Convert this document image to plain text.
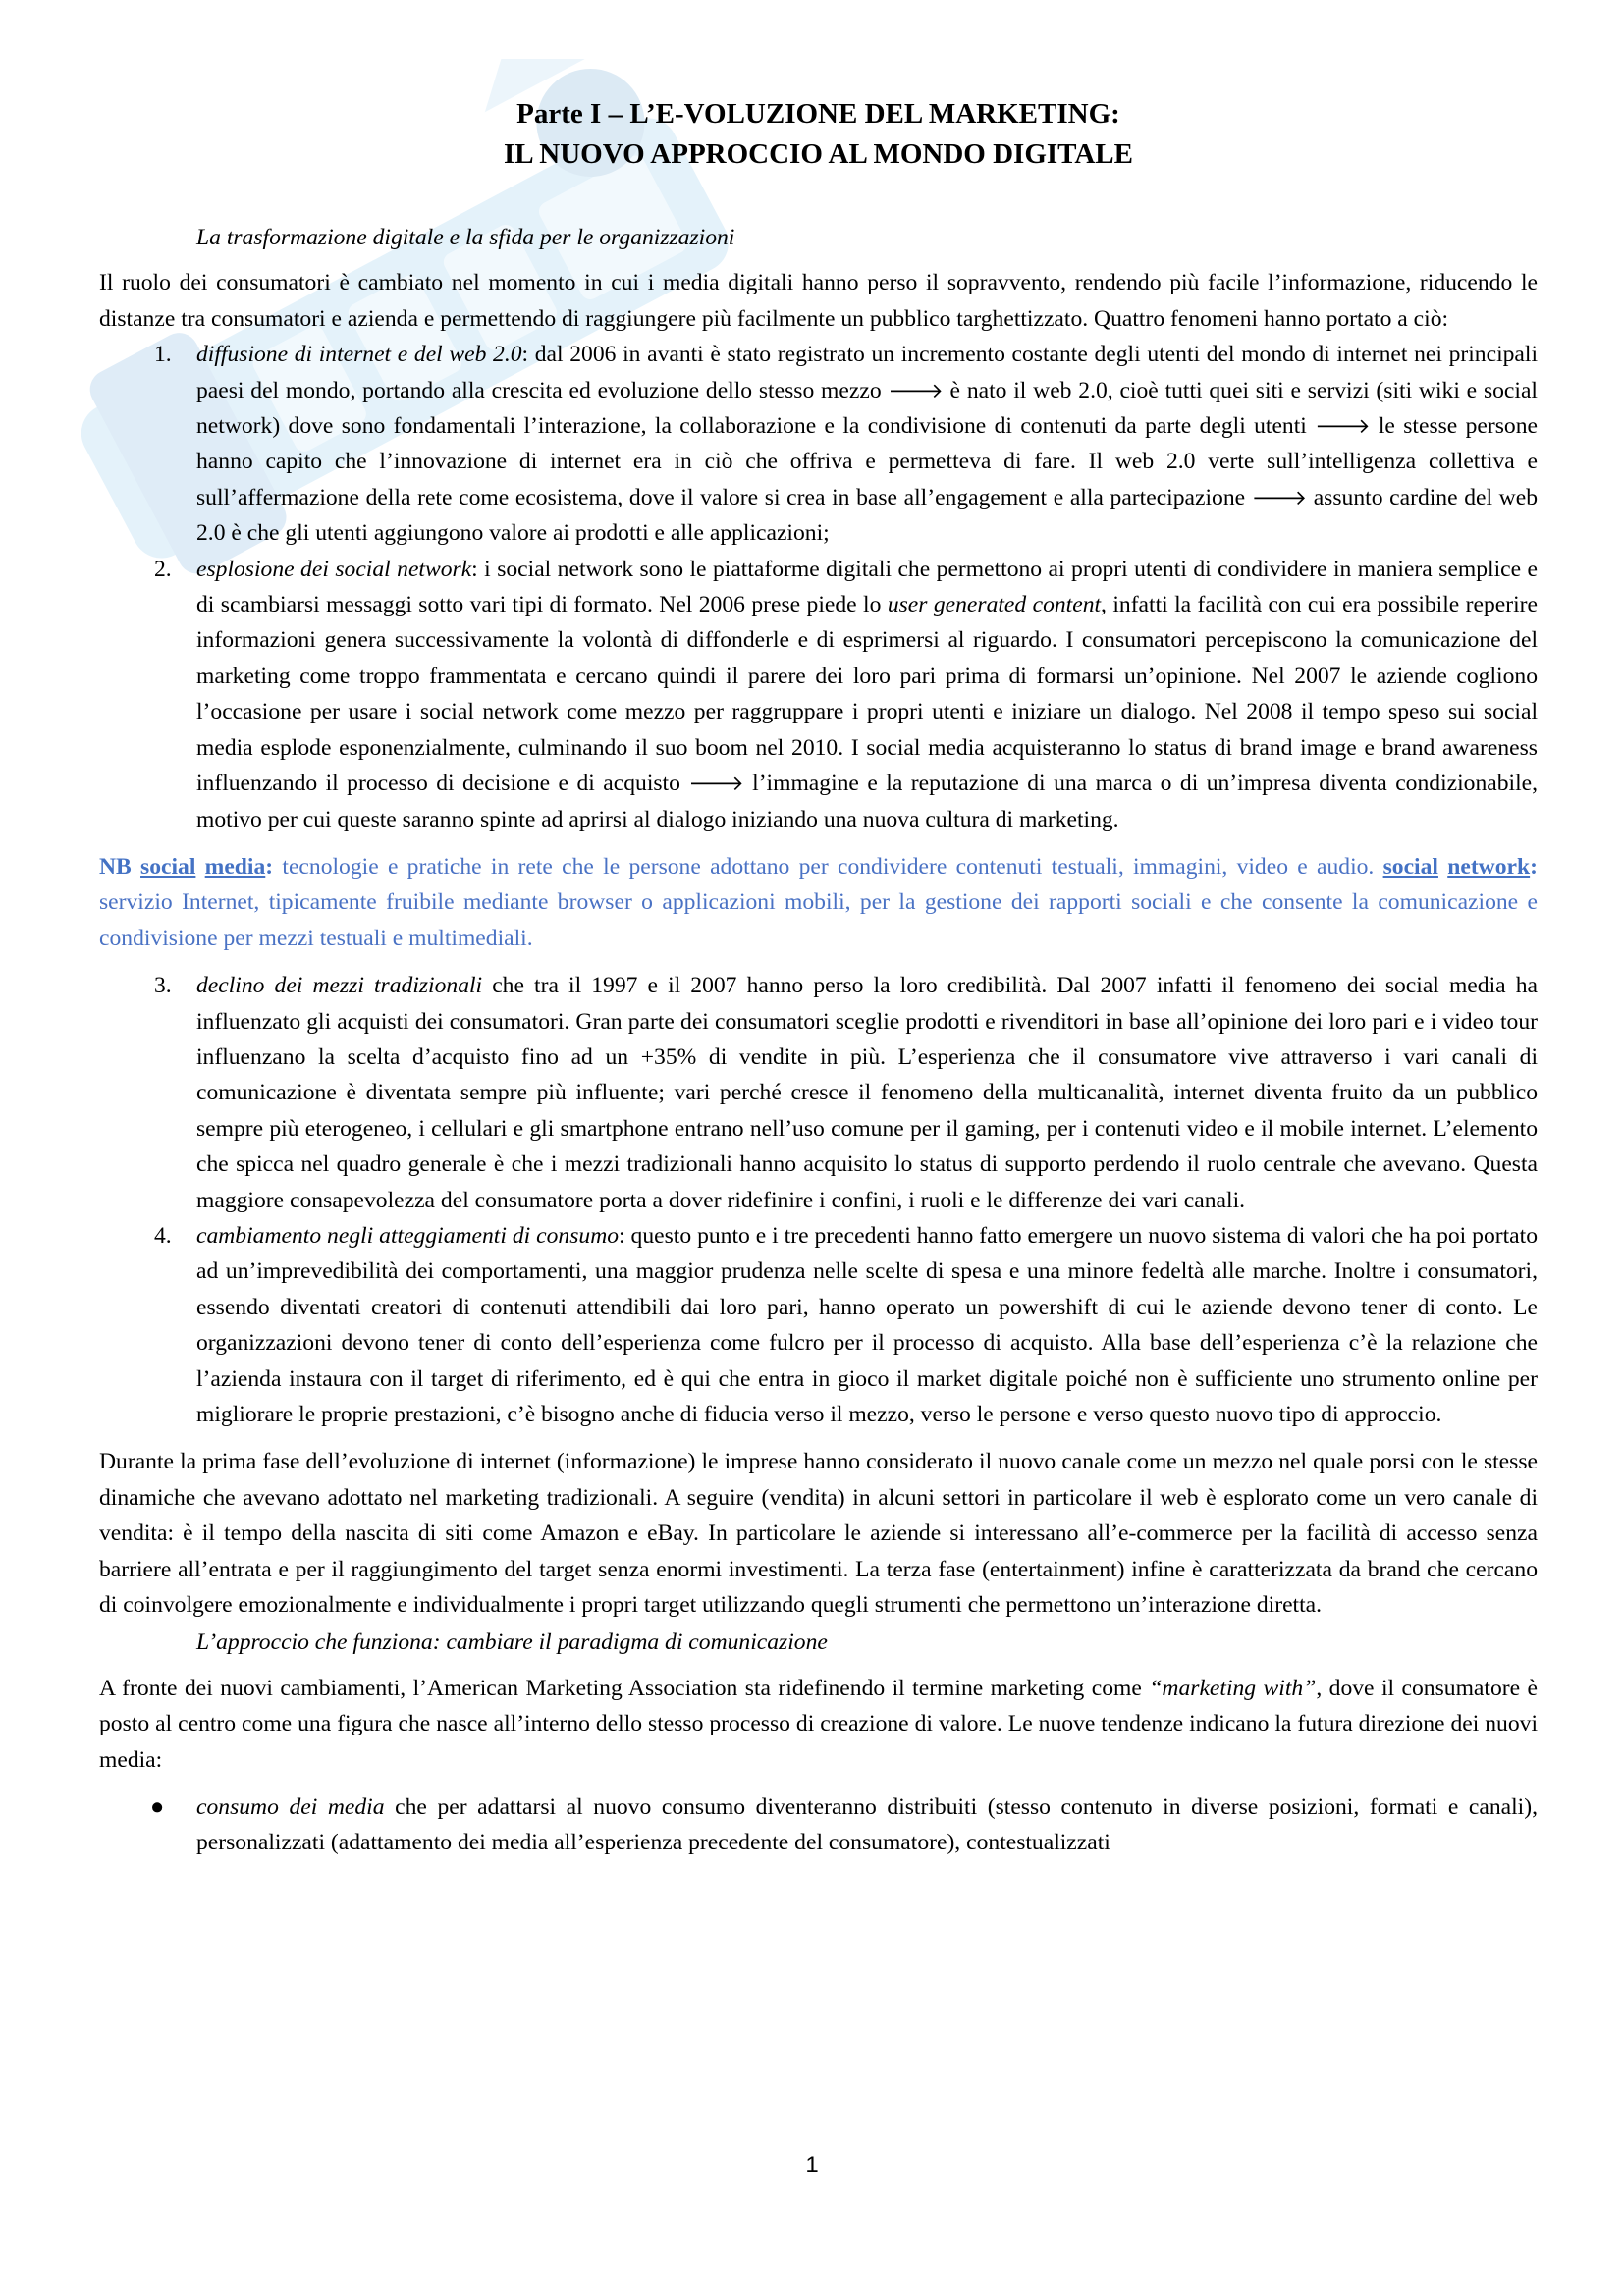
Parte I – L’E-VOLUZIONE DEL MARKETING:
IL NUOVO APPROCCIO AL MONDO DIGITALE

La trasformazione digitale e la sfida per le organizzazioni

Il ruolo dei consumatori è cambiato nel momento in cui i media digitali hanno perso il sopravvento, rendendo più facile l’informazione, riducendo le distanze tra consumatori e azienda e permettendo di raggiungere più facilmente un pubblico targhettizzato. Quattro fenomeni hanno portato a ciò:

1. diffusione di internet e del web 2.0: dal 2006 in avanti è stato registrato un incremento costante degli utenti del mondo di internet nei principali paesi del mondo, portando alla crescita ed evoluzione dello stesso mezzo 🡒 è nato il web 2.0, cioè tutti quei siti e servizi (siti wiki e social network) dove sono fondamentali l’interazione, la collaborazione e la condivisione di contenuti da parte degli utenti 🡒 le stesse persone hanno capito che l’innovazione di internet era in ciò che offriva e permetteva di fare. Il web 2.0 verte sull’intelligenza collettiva e sull’affermazione della rete come ecosistema, dove il valore si crea in base all’engagement e alla partecipazione 🡒 assunto cardine del web 2.0 è che gli utenti aggiungono valore ai prodotti e alle applicazioni;
2. esplosione dei social network: i social network sono le piattaforme digitali che permettono ai propri utenti di condividere in maniera semplice e di scambiarsi messaggi sotto vari tipi di formato. Nel 2006 prese piede lo user generated content, infatti la facilità con cui era possibile reperire informazioni genera successivamente la volontà di diffonderle e di esprimersi al riguardo. I consumatori percepiscono la comunicazione del marketing come troppo frammentata e cercano quindi il parere dei loro pari prima di formarsi un’opinione. Nel 2007 le aziende cogliono l’occasione per usare i social network come mezzo per raggruppare i propri utenti e iniziare un dialogo. Nel 2008 il tempo speso sui social media esplode esponenzialmente, culminando il suo boom nel 2010. I social media acquisteranno lo status di brand image e brand awareness influenzando il processo di decisione e di acquisto 🡒 l’immagine e la reputazione di una marca o di un’impresa diventa condizionabile, motivo per cui queste saranno spinte ad aprirsi al dialogo iniziando una nuova cultura di marketing.

NB social media: tecnologie e pratiche in rete che le persone adottano per condividere contenuti testuali, immagini, video e audio. social network: servizio Internet, tipicamente fruibile mediante browser o applicazioni mobili, per la gestione dei rapporti sociali e che consente la comunicazione e condivisione per mezzi testuali e multimediali.

3. declino dei mezzi tradizionali che tra il 1997 e il 2007 hanno perso la loro credibilità. Dal 2007 infatti il fenomeno dei social media ha influenzato gli acquisti dei consumatori. Gran parte dei consumatori sceglie prodotti e rivenditori in base all’opinione dei loro pari e i video tour influenzano la scelta d’acquisto fino ad un +35% di vendite in più. L’esperienza che il consumatore vive attraverso i vari canali di comunicazione è diventata sempre più influente; vari perché cresce il fenomeno della multicanalità, internet diventa fruito da un pubblico sempre più eterogeneo, i cellulari e gli smartphone entrano nell’uso comune per il gaming, per i contenuti video e il mobile internet. L’elemento che spicca nel quadro generale è che i mezzi tradizionali hanno acquisito lo status di supporto perdendo il ruolo centrale che avevano. Questa maggiore consapevolezza del consumatore porta a dover ridefinire i confini, i ruoli e le differenze dei vari canali.
4. cambiamento negli atteggiamenti di consumo: questo punto e i tre precedenti hanno fatto emergere un nuovo sistema di valori che ha poi portato ad un’imprevedibilità dei comportamenti, una maggior prudenza nelle scelte di spesa e una minore fedeltà alle marche. Inoltre i consumatori, essendo diventati creatori di contenuti attendibili dai loro pari, hanno operato un powershift di cui le aziende devono tener di conto. Le organizzazioni devono tener di conto dell’esperienza come fulcro per il processo di acquisto. Alla base dell’esperienza c’è la relazione che l’azienda instaura con il target di riferimento, ed è qui che entra in gioco il market digitale poiché non è sufficiente uno strumento online per migliorare le proprie prestazioni, c’è bisogno anche di fiducia verso il mezzo, verso le persone e verso questo nuovo tipo di approccio.

Durante la prima fase dell’evoluzione di internet (informazione) le imprese hanno considerato il nuovo canale come un mezzo nel quale porsi con le stesse dinamiche che avevano adottato nel marketing tradizionali. A seguire (vendita) in alcuni settori in particolare il web è esplorato come un vero canale di vendita: è il tempo della nascita di siti come Amazon e eBay. In particolare le aziende si interessano all’e-commerce per la facilità di accesso senza barriere all’entrata e per il raggiungimento del target senza enormi investimenti. La terza fase (entertainment) infine è caratterizzata da brand che cercano di coinvolgere emozionalmente e individualmente i propri target utilizzando quegli strumenti che permettono un’interazione diretta.

L’approccio che funziona: cambiare il paradigma di comunicazione

A fronte dei nuovi cambiamenti, l’American Marketing Association sta ridefinendo il termine marketing come “marketing with”, dove il consumatore è posto al centro come una figura che nasce all’interno dello stesso processo di creazione di valore. Le nuove tendenze indicano la futura direzione dei nuovi media:

● consumo dei media che per adattarsi al nuovo consumo diventeranno distribuiti (stesso contenuto in diverse posizioni, formati e canali), personalizzati (adattamento dei media all’esperienza precedente del consumatore), contestualizzati
1
